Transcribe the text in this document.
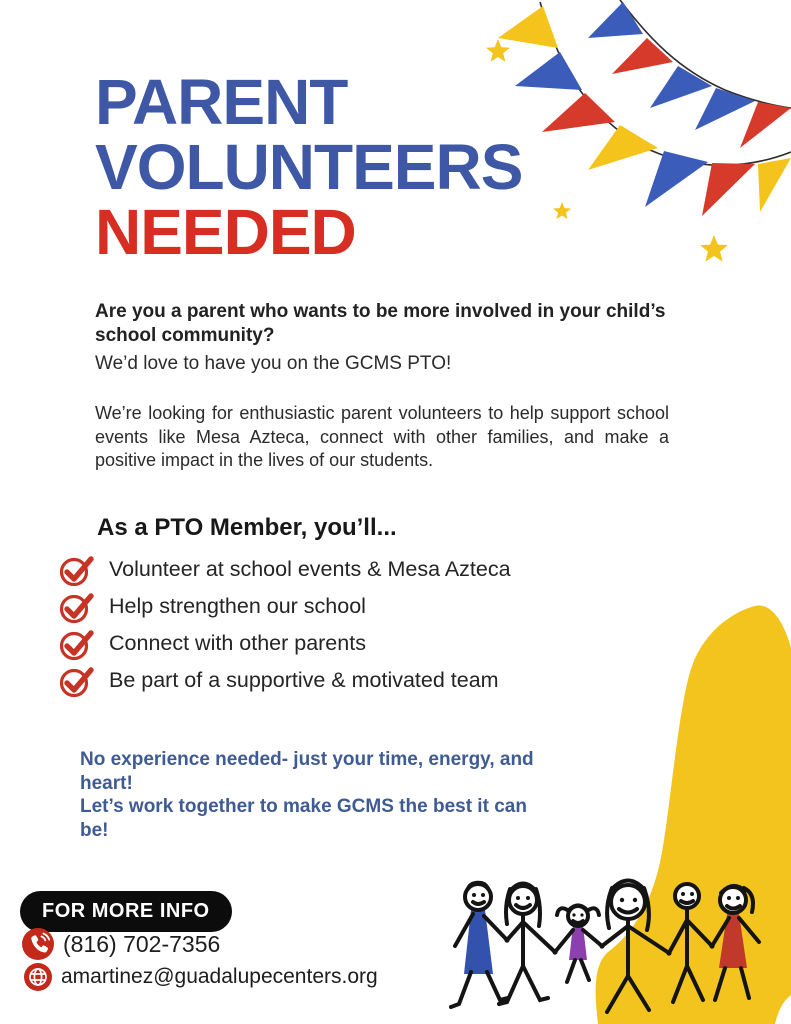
PARENT
VOLUNTEERS
NEEDED

Are you a parent who wants to be more involved in your child’s school community?

We’d love to have you on the GCMS PTO!

We’re looking for enthusiastic parent volunteers to help support school events like Mesa Azteca, connect with other families, and make a positive impact in the lives of our students.

As a PTO Member, you’ll...
Volunteer at school events & Mesa Azteca
Help strengthen our school
Connect with other parents
Be part of a supportive & motivated team

No experience needed- just your time, energy, and heart!

Let’s work together to make GCMS the best it can be!

FOR MORE INFO
(816) 702-7356
amartinez@guadalupecenters.org
